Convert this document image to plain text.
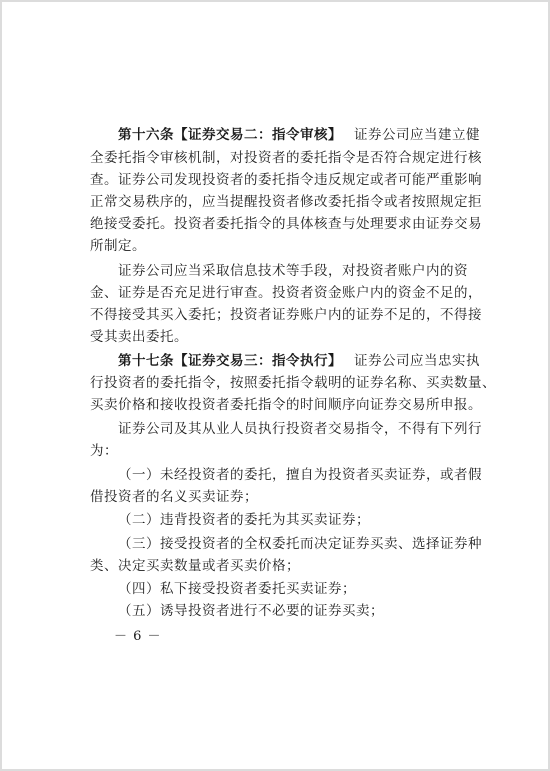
第十六条【证券交易二：指令审核】 证券公司应当建立健
全委托指令审核机制，对投资者的委托指令是否符合规定进行核
查。证券公司发现投资者的委托指令违反规定或者可能严重影响
正常交易秩序的，应当提醒投资者修改委托指令或者按照规定拒
绝接受委托。投资者委托指令的具体核查与处理要求由证券交易
所制定。
证券公司应当采取信息技术等手段，对投资者账户内的资
金、证券是否充足进行审查。投资者资金账户内的资金不足的，
不得接受其买入委托；投资者证券账户内的证券不足的，不得接
受其卖出委托。
第十七条【证券交易三：指令执行】 证券公司应当忠实执
行投资者的委托指令，按照委托指令载明的证券名称、买卖数量、
买卖价格和接收投资者委托指令的时间顺序向证券交易所申报。
证券公司及其从业人员执行投资者交易指令，不得有下列行
为：
（一）未经投资者的委托，擅自为投资者买卖证券，或者假
借投资者的名义买卖证券；
（二）违背投资者的委托为其买卖证券；
（三）接受投资者的全权委托而决定证券买卖、选择证券种
类、决定买卖数量或者买卖价格；
（四）私下接受投资者委托买卖证券；
（五）诱导投资者进行不必要的证券买卖；
－ 6 －
